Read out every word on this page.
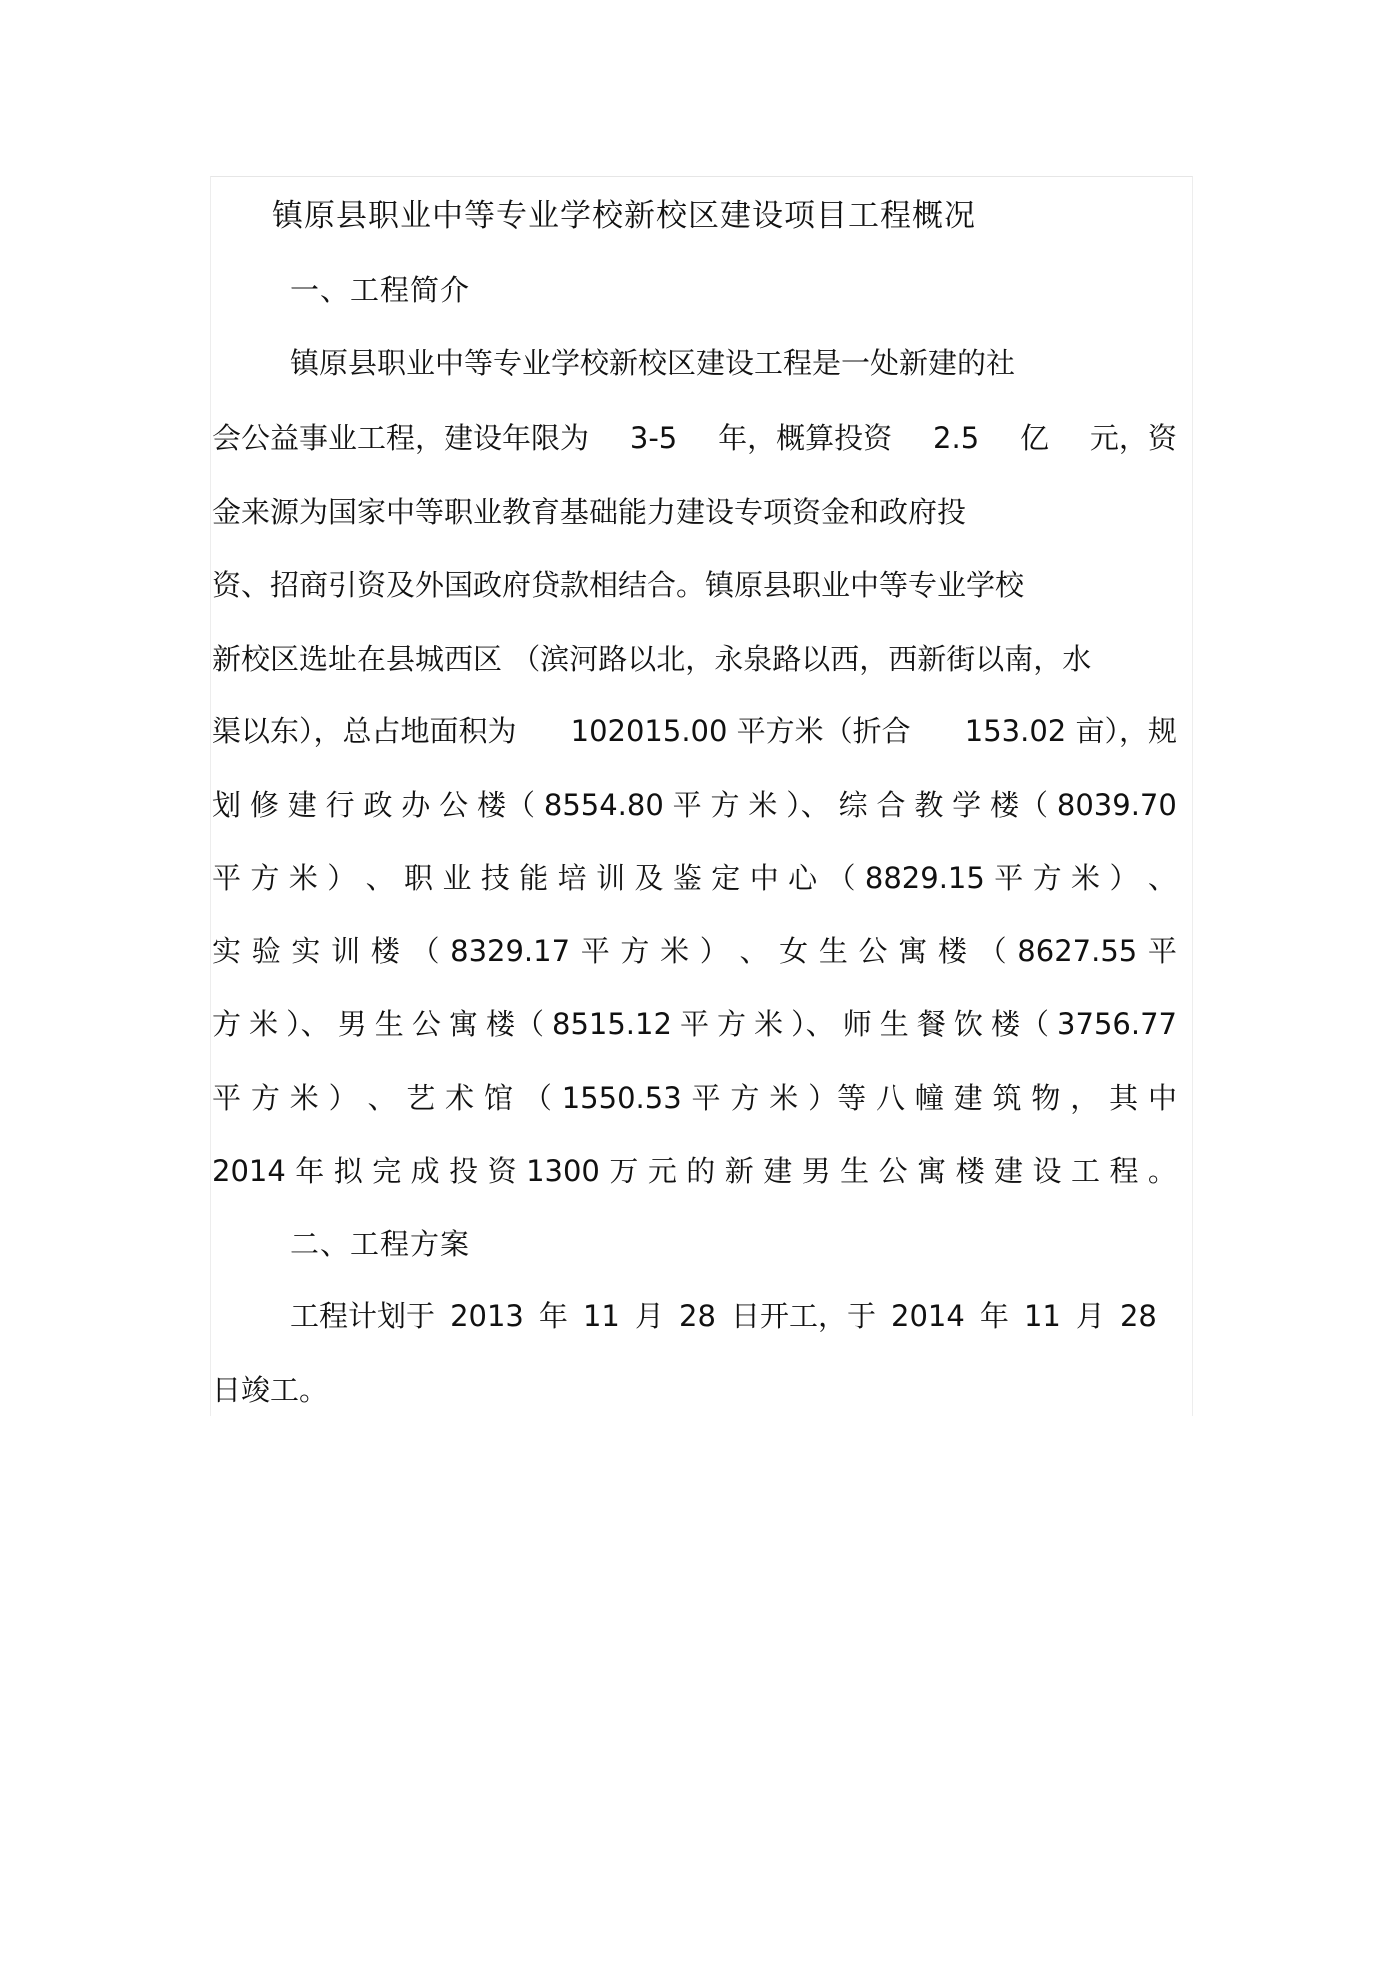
镇原县职业中等专业学校新校区建设项目工程概况

一、工程简介

镇原县职业中等专业学校新校区建设工程是一处新建的社

会公益事业工程，建设年限为 3-5 年，概算投资 2.5 亿 元，资

金来源为国家中等职业教育基础能力建设专项资金和政府投

资、招商引资及外国政府贷款相结合。镇原县职业中等专业学校

新校区选址在县城西区 （滨河路以北，永泉路以西，西新街以南，水

渠以东），总占地面积为 102015.00 平方米（折合 153.02 亩），规

划 修 建 行 政 办 公 楼（ 8554.80 平 方 米 ）、 综 合 教 学 楼（ 8039.70

平 方 米 ） 、 职 业 技 能 培 训 及 鉴 定 中 心 （ 8829.15 平 方 米 ） 、

实 验 实 训 楼 （ 8329.17 平 方 米 ） 、 女 生 公 寓 楼 （ 8627.55 平

方 米 ）、 男 生 公 寓 楼（ 8515.12 平 方 米 ）、 师 生 餐 饮 楼（ 3756.77

平 方 米 ） 、 艺 术 馆 （ 1550.53 平 方 米 ）等 八 幢 建 筑 物 ， 其 中

2014 年 拟 完 成 投 资 1300 万 元 的 新 建 男 生 公 寓 楼 建 设 工 程 。

二、工程方案

工程计划于 2013 年 11 月 28 日开工，于 2014 年 11 月 28

日竣工。
